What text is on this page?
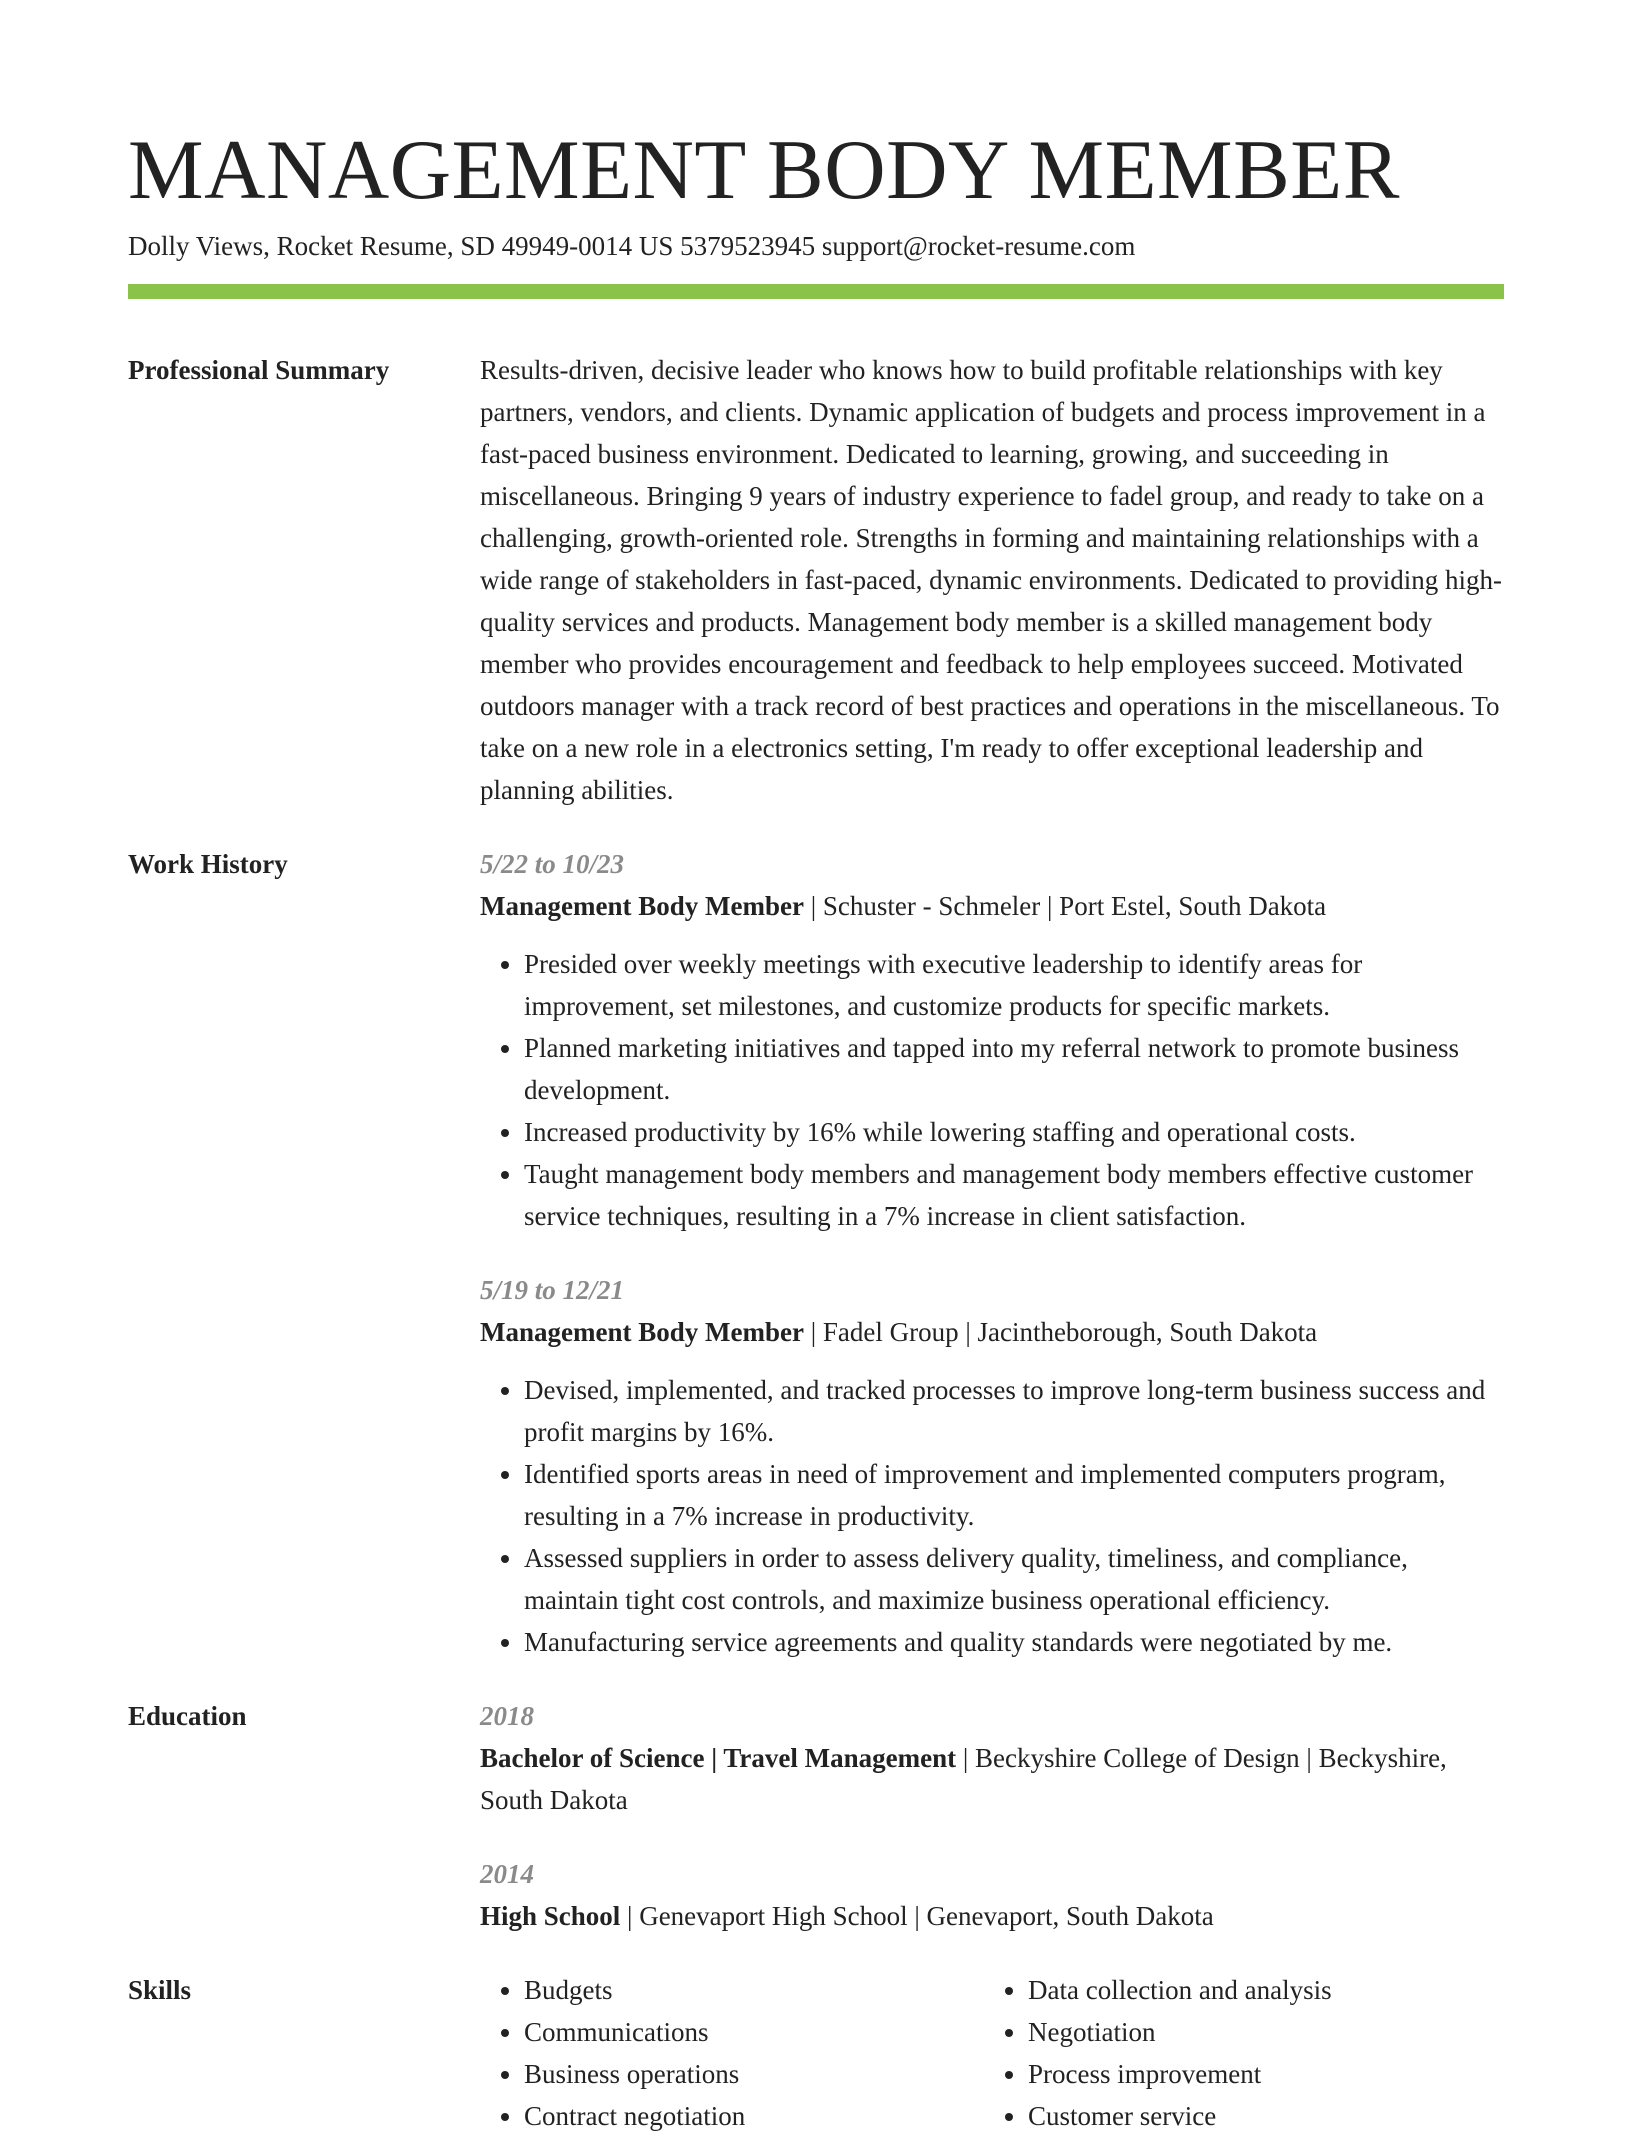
MANAGEMENT BODY MEMBER
Dolly Views, Rocket Resume, SD 49949-0014 US 5379523945 support@rocket-resume.com
Professional Summary	Results-driven, decisive leader who knows how to build profitable relationships with key partners, vendors, and clients. Dynamic application of budgets and process improvement in a fast-paced business environment. Dedicated to learning, growing, and succeeding in miscellaneous. Bringing 9 years of industry experience to fadel group, and ready to take on a challenging, growth-oriented role. Strengths in forming and maintaining relationships with a wide range of stakeholders in fast-paced, dynamic environments. Dedicated to providing high-quality services and products. Management body member is a skilled management body member who provides encouragement and feedback to help employees succeed. Motivated outdoors manager with a track record of best practices and operations in the miscellaneous. To take on a new role in a electronics setting, I'm ready to offer exceptional leadership and planning abilities.
Work History	5/22 to 10/23
Management Body Member | Schuster - Schmeler | Port Estel, South Dakota
• Presided over weekly meetings with executive leadership to identify areas for improvement, set milestones, and customize products for specific markets.
• Planned marketing initiatives and tapped into my referral network to promote business development.
• Increased productivity by 16% while lowering staffing and operational costs.
• Taught management body members and management body members effective customer service techniques, resulting in a 7% increase in client satisfaction.
5/19 to 12/21
Management Body Member | Fadel Group | Jacintheborough, South Dakota
• Devised, implemented, and tracked processes to improve long-term business success and profit margins by 16%.
• Identified sports areas in need of improvement and implemented computers program, resulting in a 7% increase in productivity.
• Assessed suppliers in order to assess delivery quality, timeliness, and compliance, maintain tight cost controls, and maximize business operational efficiency.
• Manufacturing service agreements and quality standards were negotiated by me.
Education	2018
Bachelor of Science | Travel Management | Beckyshire College of Design | Beckyshire, South Dakota
2014
High School | Genevaport High School | Genevaport, South Dakota
Skills
•	Budgets
• Communications
• Business operations
• Contract negotiation
• Data collection and analysis
• Negotiation
• Process improvement
• Customer service
